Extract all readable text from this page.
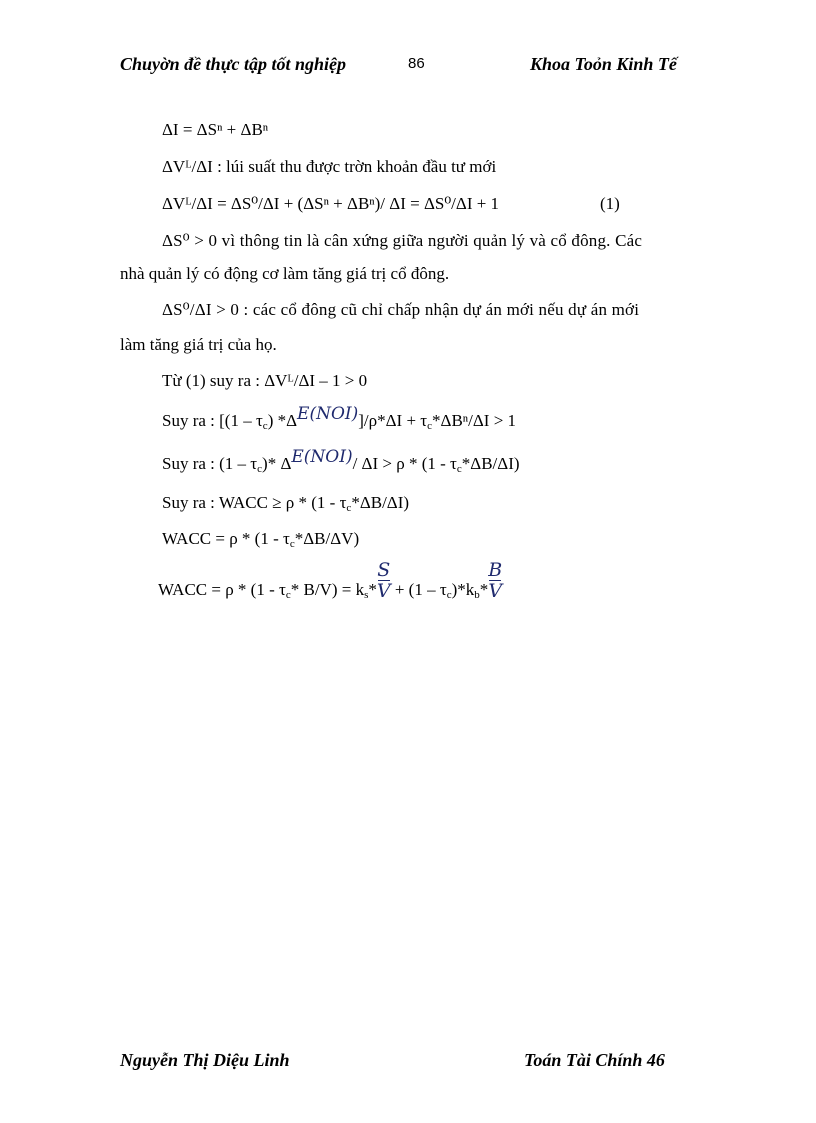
Chuyờn đề thực tập tốt nghiệp	86	Khoa Toỏn Kinh Tế
ΔI = ΔSⁿ + ΔBⁿ
ΔVᴸ/ΔI : lúi suất thu được trờn khoản đầu tư mới
ΔVᴸ/ΔI = ΔS⁰/ΔI + (ΔSⁿ + ΔBⁿ)/ ΔI = ΔS⁰/ΔI + 1	(1)
ΔS⁰ > 0 vì thông tin là cân xứng giữa người quản lý và cổ đông. Các
nhà quản lý có động cơ làm tăng giá trị cổ đông.
ΔS⁰/ΔI > 0 : các cổ đông cũ chỉ chấp nhận dự án mới nếu dự án mới
làm tăng giá trị của họ.
Từ (1) suy ra : ΔVᴸ/ΔI – 1 > 0
Suy ra : [$(1 - \tau_c)$ $*\Delta E(NOI)]/\rho*\Delta I + \tau_c*\Delta B^n/\Delta I > 1$
Suy ra : $(1 - \tau_c)*$ ΔE(NOI)/ $\Delta I > \rho * (1 - \tau_c*\Delta B/\Delta I)$
Suy ra : WACC ≥ ρ * $(1 - \tau_c*\Delta B/\Delta I)$
WACC = ρ * $(1 - \tau_c*\Delta B/\Delta V)$
WACC = ρ * ($1 - \tau_c*$ $B/V) = k_s* \frac{S}{V} + (1 - \tau_c)*k_b* \frac{B}{V}$
Nguyễn Thị Diệu Linh	Toán Tài Chính 46
